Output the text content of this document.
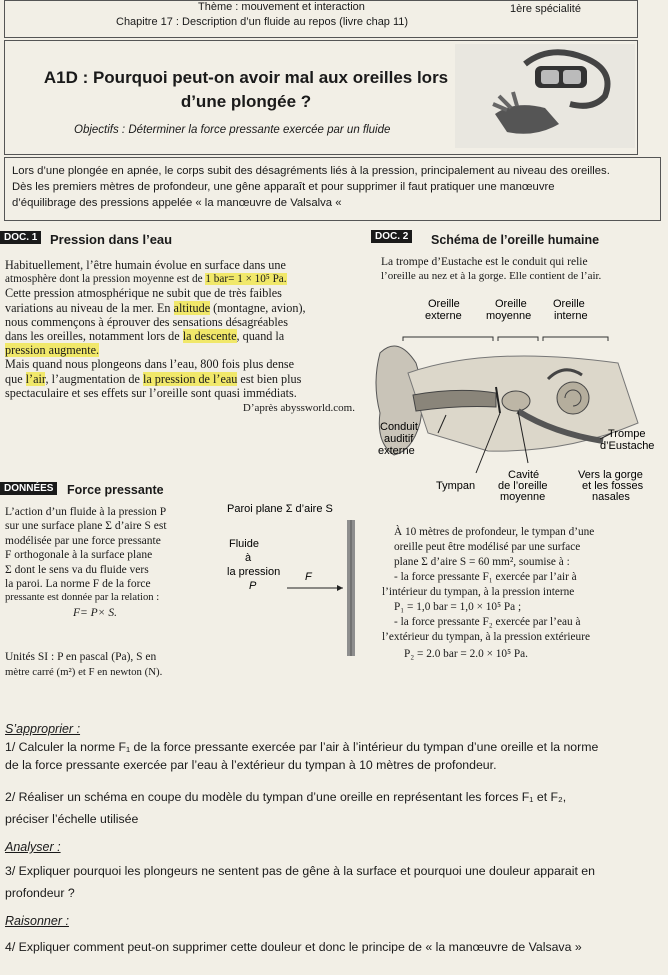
Thème : mouvement et interaction	1ère spécialité
Chapitre 17 : Description d’un fluide au repos (livre chap 11)
A1D : Pourquoi peut-on avoir mal aux oreilles lors
d’une plongée ?
Objectifs : Déterminer la force pressante exercée par un fluide
Lors d’une plongée en apnée, le corps subit des désagréments liés à la pression, principalement au niveau des oreilles.
Dès les premiers mètres de profondeur, une gêne apparaît et pour supprimer il faut pratiquer une manœuvre
d’équilibrage des pressions appelée « la manœuvre de Valsalva «
DOC. 1 Pression dans l’eau
Habituellement, l’être humain évolue en surface dans une
atmosphère dont la pression moyenne est de 1 bar= 1 × 10⁵ Pa.
Cette pression atmosphérique ne subit que de très faibles
variations au niveau de la mer. En altitude (montagne, avion),
nous commençons à éprouver des sensations désagréables
dans les oreilles, notamment lors de la descente, quand la
pression augmente.
Mais quand nous plongeons dans l’eau, 800 fois plus dense
que l’air, l’augmentation de la pression de l’eau est bien plus
spectaculaire et ses effets sur l’oreille sont quasi immédiats.
D’après abyssworld.com.
DOC. 2	Schéma de l’oreille humaine
La trompe d’Eustache est le conduit qui relie
l’oreille au nez et à la gorge. Elle contient de l’air.
Oreille
externe
Oreille
moyenne
Oreille
interne
Trompe
d’Eustache
Conduit
auditif
externe
Cavité
de l’oreille
moyenne
Vers la gorge
et les fosses
nasales
Tympan
DONNÉES	Force pressante
L’action d’un fluide à la pression P
sur une surface plane Σ d’aire S est
modélisée par une force pressante
F orthogonale à la surface plane
Σ dont le sens va du fluide vers
la paroi. La norme F de la force
pressante est donnée par la relation :
F= P× S.
Unités SI : P en pascal (Pa), S en
mètre carré (m²) et F en newton (N).
Paroi plane Σ d’aire S
Fluide
à
la pression
P
F
À 10 mètres de profondeur, le tympan d’une
oreille peut être modélisé par une surface
plane Σ d’aire S = 60 mm², soumise à :
- la force pressante F₁ exercée par l’air à
l’intérieur du tympan, à la pression interne
P₁ = 1,0 bar = 1,0 × 10⁵ Pa ;
- la force pressante F₂ exercée par l’eau à
l’extérieur du tympan, à la pression extérieure
P₂ = 2.0 bar = 2.0 × 10⁵ Pa.
S’approprier :
1/ Calculer la norme F₁ de la force pressante exercée par l’air à l’intérieur du tympan d’une oreille et la norme
de la force pressante exercée par l’eau à l’extérieur du tympan à 10 mètres de profondeur.
2/ Réaliser un schéma en coupe du modèle du tympan d’une oreille en représentant les forces F₁ et F₂,
préciser l’échelle utilisée
Analyser :
3/ Expliquer pourquoi les plongeurs ne sentent pas de gêne à la surface et pourquoi une douleur apparait en
profondeur ?
Raisonner :
4/ Expliquer comment peut-on supprimer cette douleur et donc le principe de « la manœuvre de Valsava »
